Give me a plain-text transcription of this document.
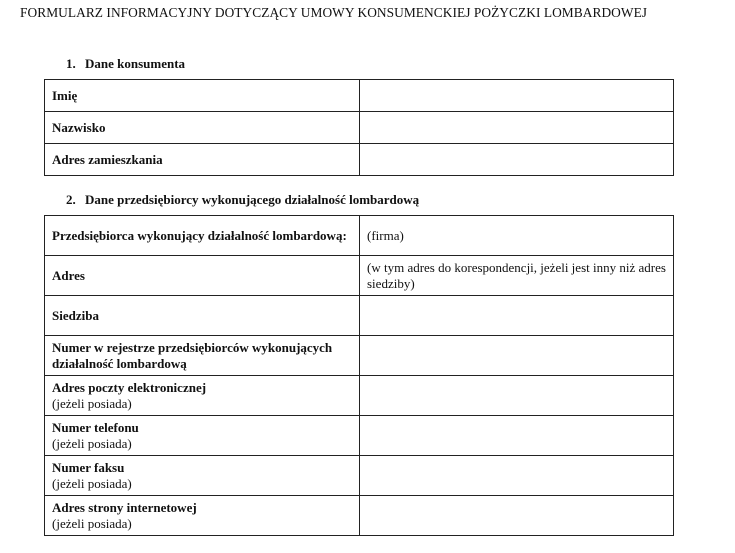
FORMULARZ INFORMACYJNY DOTYCZĄCY UMOWY KONSUMENCKIEJ POŻYCZKI LOMBARDOWEJ
1. Dane konsumenta
Imię	

Nazwisko	

Adres zamieszkania	

2. Dane przedsiębiorcy wykonującego działalność lombardową
Przedsiębiorca wykonujący działalność lombardową:	(firma)

Adres	(w tym adres do korespondencji, jeżeli jest inny niż adres siedziby)

Siedziba	

Numer w rejestrze przedsiębiorców wykonujących działalność lombardową	

Adres poczty elektronicznej
(jeżeli posiada)	

Numer telefonu
(jeżeli posiada)	

Numer faksu
(jeżeli posiada)	

Adres strony internetowej
(jeżeli posiada)	
